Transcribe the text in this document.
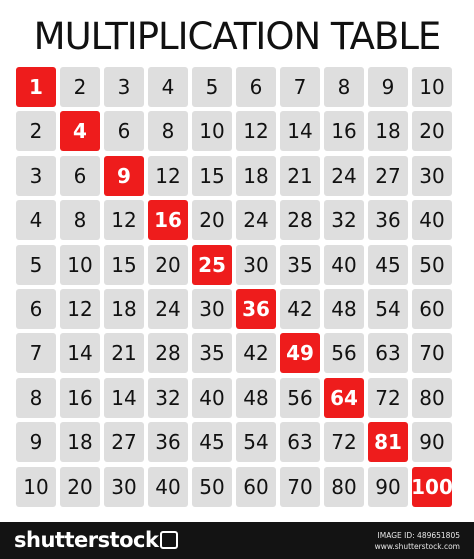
MULTIPLICATION TABLE
1	2	3	4	5	6	7	8	9	10
2	4	6	8	10 12 14 16 18 20
3	6	9	12 15 18 21 24 27 30
4	8	12 16 20 24 28 32 36 40
5	10 15 20 25 30 35 40 45 50
6	12 18 24 30 36 42 48 54 60
7	14 21 28 35 42 49 56 63 70
8	16 14 32 40 48 56 64 72 80
9	18 27 36 45 54 63 72 81 90
10 20 30 40 50 60 70 80 90 100
shutterstock	IMAGE ID: 489651805
www.shutterstock.com
